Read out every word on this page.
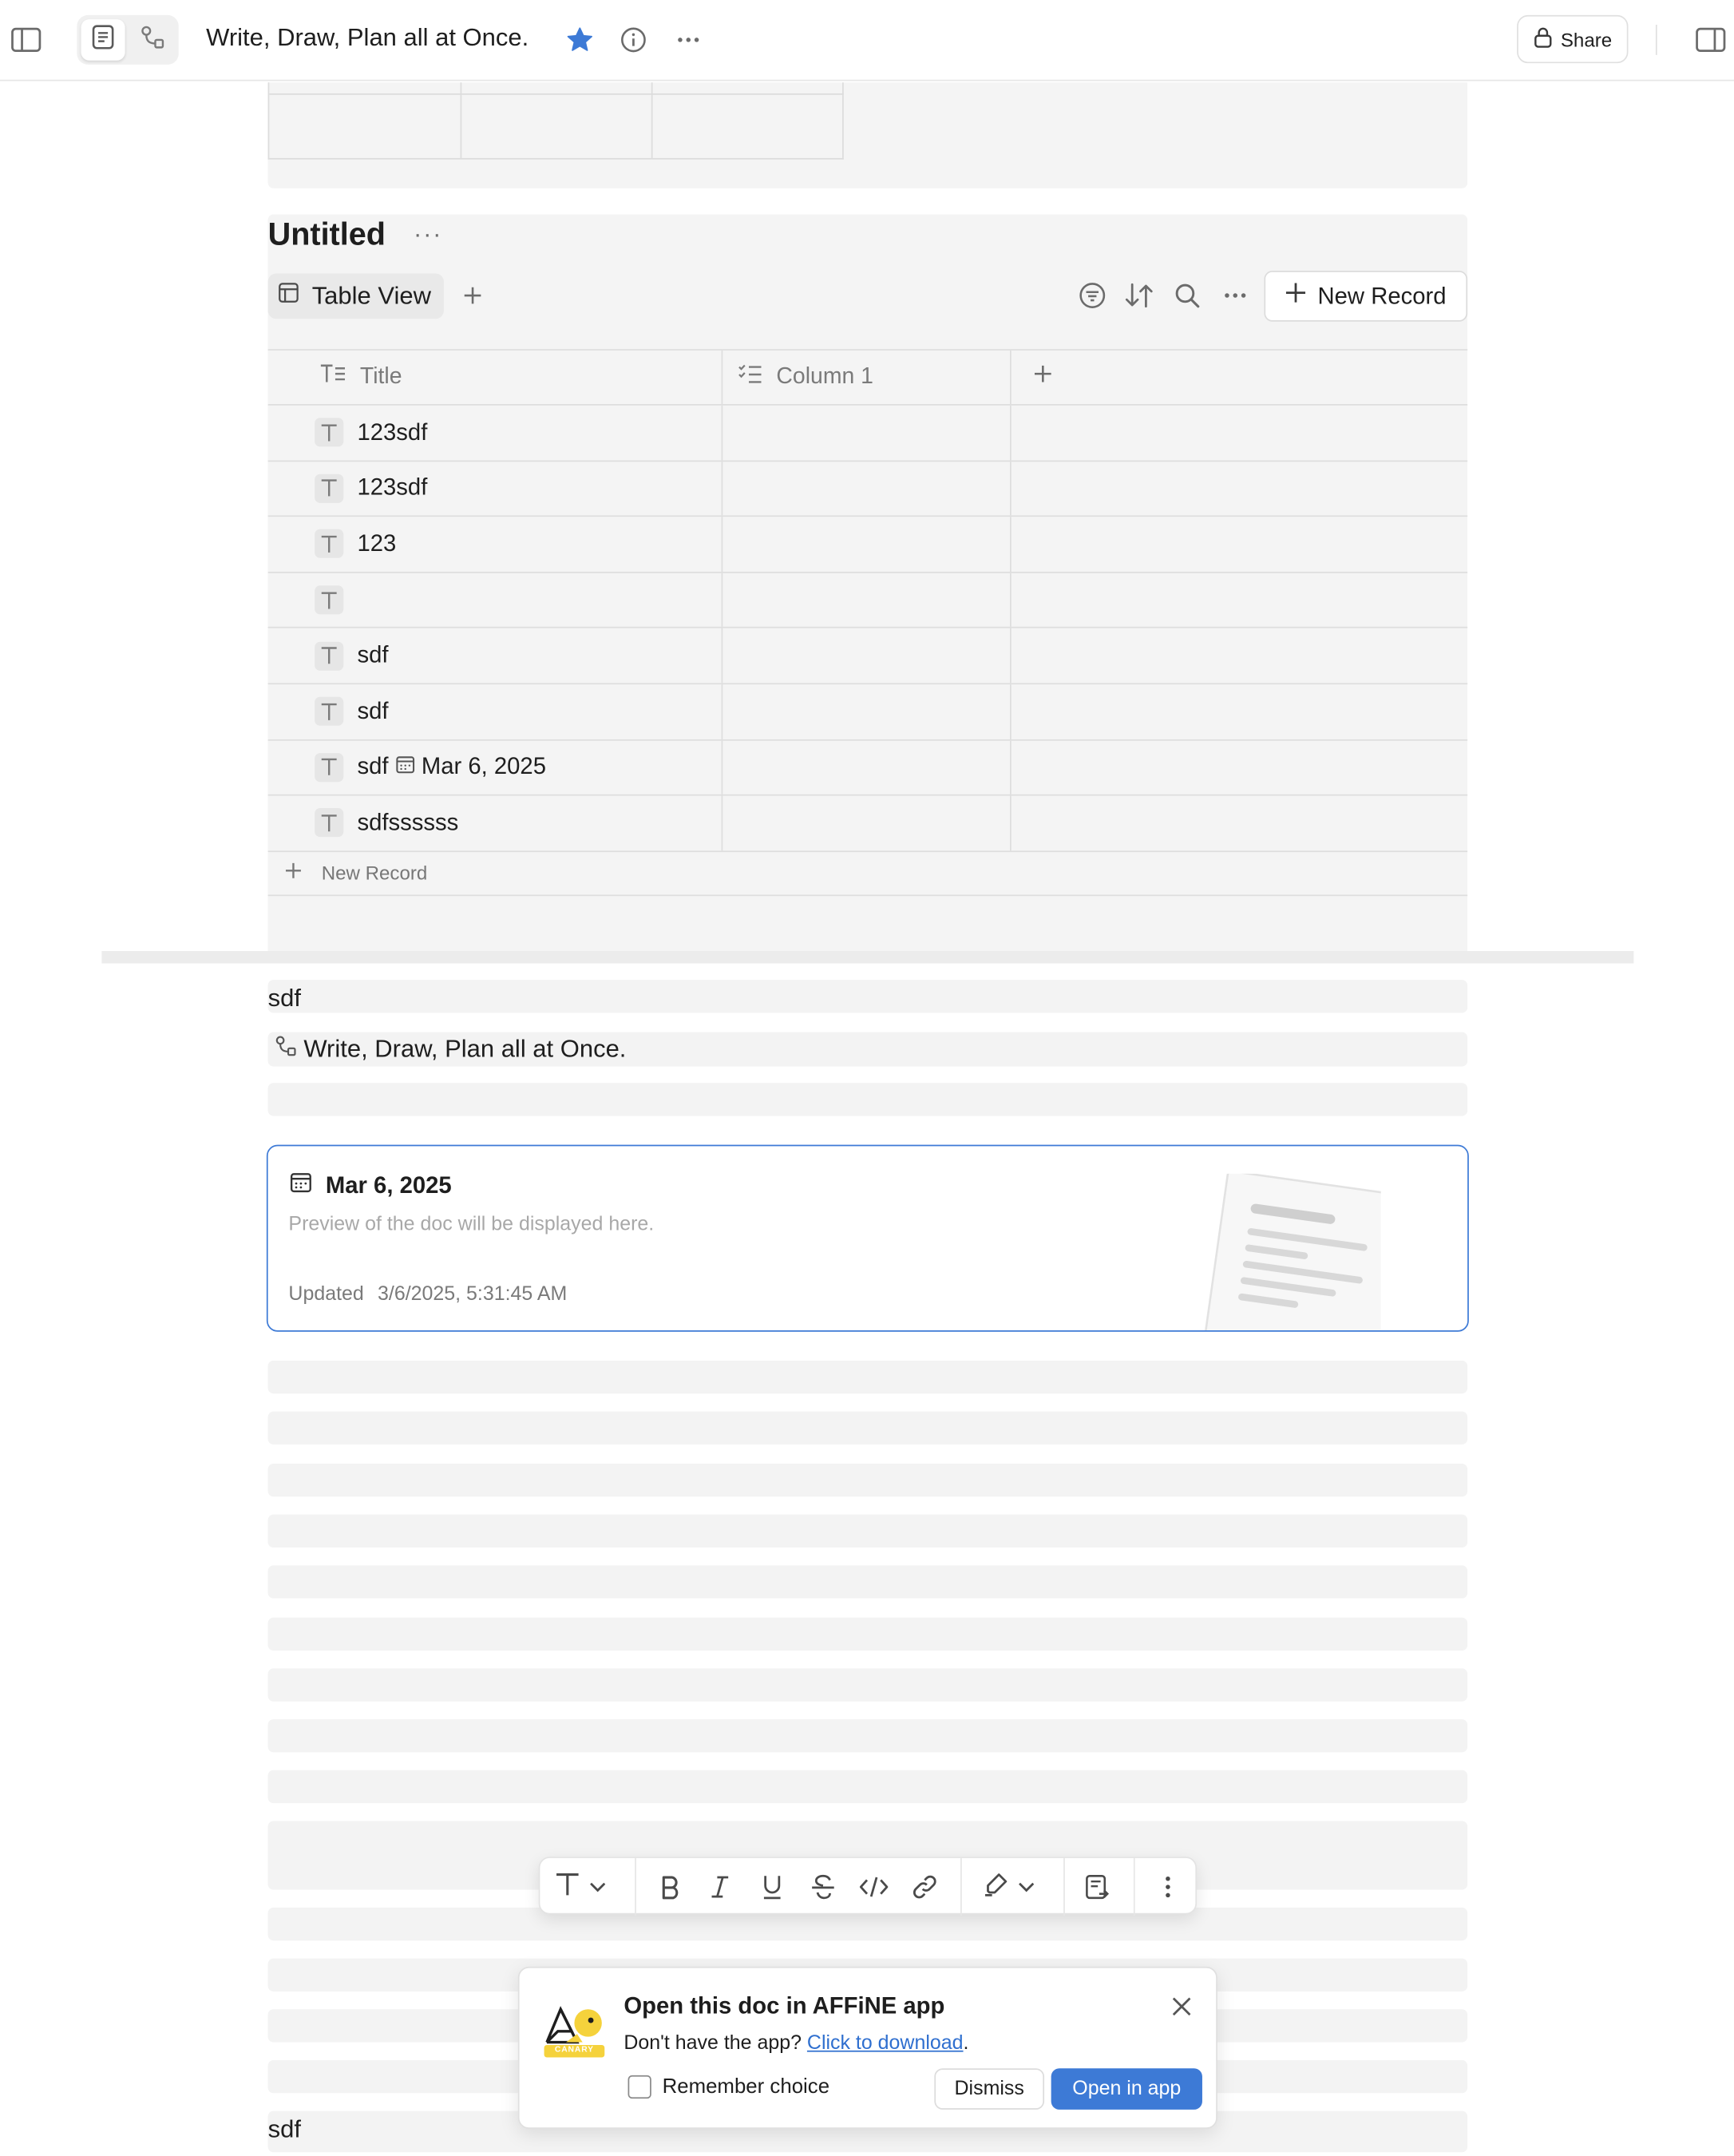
Write, Draw, Plan all at Once.	Share
Untitled ···
Table View	New Record
Title	Column 1
123sdf
123sdf
123
sdf
sdf
sdf Mar 6, 2025
sdfssssss
New Record
sdf
Write, Draw, Plan all at Once.
Mar 6, 2025
Preview of the doc will be displayed here.
Updated 3/6/2025, 5:31:45 AM
sdf
CANARY
Open this doc in AFFiNE app
Don't have the app? Click to download.
Remember choice	Dismiss	Open in app
